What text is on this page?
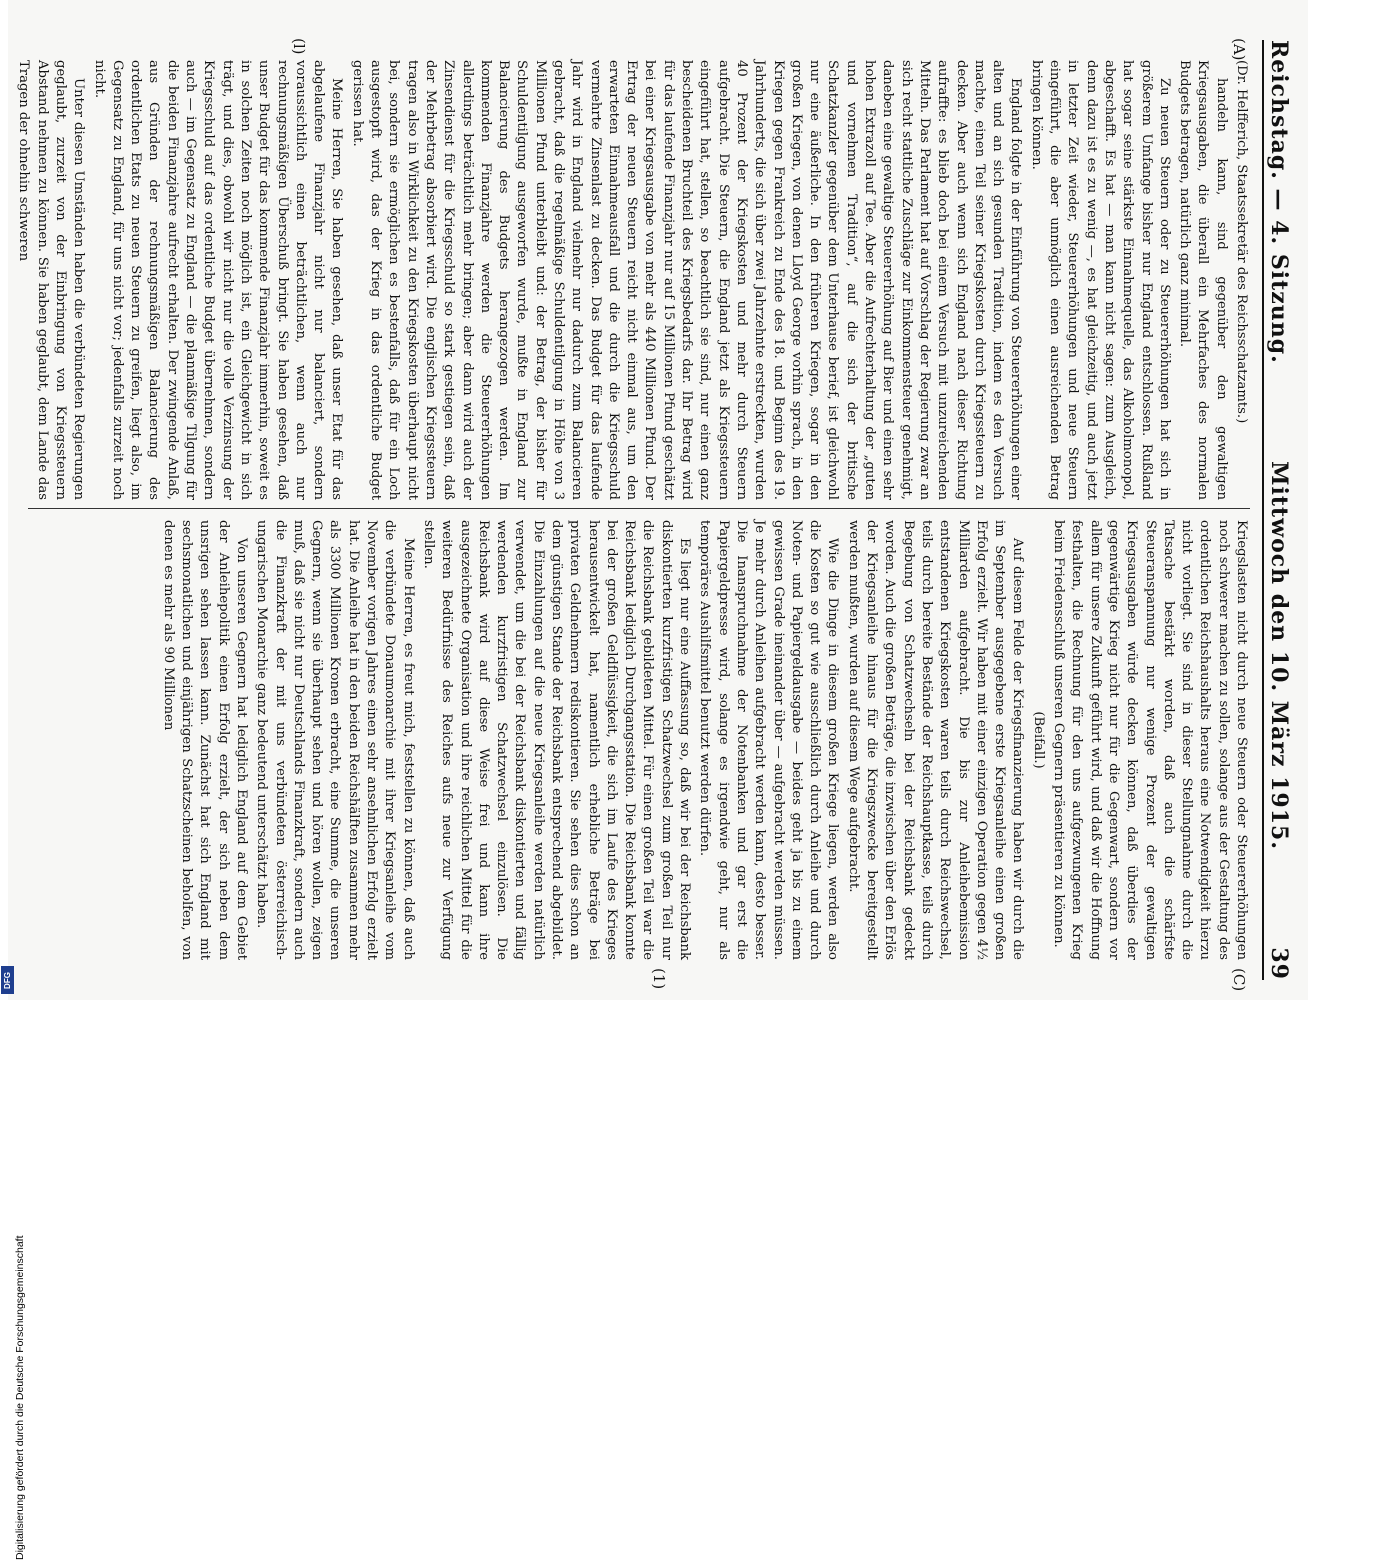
Reichstag. — 4. Sitzung.
Mittwoch den 10. März 1915.
39
(A)
(C)
(l)
(1)

(Dr. Helfferich, Staatssekretär des Reichsschatzamts.)

handeln kann, sind gegenüber den gewaltigen Kriegsausgaben, die überall ein Mehrfaches des normalen Budgets betragen, natürlich ganz minimal.

Zu neuen Steuern oder zu Steuererhöhungen hat sich in größerem Umfange bisher nur England entschlossen. Rußland hat sogar seine stärkste Einnahmequelle, das Alkoholmonopol, abgeschafft. Es hat — man kann nicht sagen: zum Ausgleich, denn dazu ist es zu wenig —, es hat gleichzeitig, und auch jetzt in letzter Zeit wieder, Steuererhöhungen und neue Steuern eingeführt, die aber unmöglich einen ausreichenden Betrag bringen können.

England folgte in der Einführung von Steuererhöhungen einer alten und an sich gesunden Tradition, indem es den Versuch machte, einen Teil seiner Kriegskosten durch Kriegssteuern zu decken. Aber auch wenn sich England nach dieser Richtung aufraffte: es blieb doch bei einem Versuch mit unzureichenden Mitteln. Das Parlament hat auf Vorschlag der Regierung zwar an sich recht stattliche Zuschläge zur Einkommensteuer genehmigt, daneben eine gewaltige Steuererhöhung auf Bier und einen sehr hohen Extrazoll auf Tee. Aber die Aufrechterhaltung der „guten und vornehmen Tradition“, auf die sich der britische Schatzkanzler gegenüber dem Unterhause berief, ist gleichwohl nur eine äußerliche. In den früheren Kriegen, sogar in den großen Kriegen, von denen Lloyd George vorhin sprach, in den Kriegen gegen Frankreich zu Ende des 18. und Beginn des 19. Jahrhunderts, die sich über zwei Jahrzehnte erstreckten, wurden 40 Prozent der Kriegskosten und mehr durch Steuern aufgebracht. Die Steuern, die England jetzt als Kriegssteuern eingeführt hat, stellen, so beachtlich sie sind, nur einen ganz bescheidenen Bruchteil des Kriegsbedarfs dar. Ihr Betrag wird für das laufende Finanzjahr nur auf 15 Millionen Pfund geschätzt bei einer Kriegsausgabe von mehr als 440 Millionen Pfund. Der Ertrag der neuen Steuern reicht nicht einmal aus, um den erwarteten Einnahmeausfall und die durch die Kriegsschuld vermehrte Zinsenlast zu decken. Das Budget für das laufende Jahr wird in England vielmehr nur dadurch zum Balancieren gebracht, daß die regelmäßige Schuldentilgung in Höhe von 3 Millionen Pfund unterbleibt und: der Betrag, der bisher für Schuldentilgung ausgeworfen wurde, mußte in England zur Balancierung des Budgets herangezogen werden. Im kommenden Finanzjahre werden die Steuererhöhungen allerdings beträchtlich mehr bringen; aber dann wird auch der Zinsendienst für die Kriegsschuld so stark gestiegen sein, daß der Mehrbetrag absorbiert wird. Die englischen Kriegssteuern tragen also in Wirklichkeit zu den Kriegskosten überhaupt nicht bei, sondern sie ermöglichen es bestenfalls, daß für ein Loch ausgestopft wird, das der Krieg in das ordentliche Budget gerissen hat.

Meine Herren, Sie haben gesehen, daß unser Etat für das abgelaufene Finanzjahr nicht nur balanciert, sondern voraussichtlich einen beträchtlichen, wenn auch nur rechnungsmäßigen Überschuß bringt. Sie haben gesehen, daß unser Budget für das kommende Finanzjahr immerhin, soweit es in solchen Zeiten noch möglich ist, ein Gleichgewicht in sich trägt, und dies, obwohl wir nicht nur die volle Verzinsung der Kriegsschuld auf das ordentliche Budget übernehmen, sondern auch — im Gegensatz zu England — die planmäßige Tilgung für die beiden Finanzjahre aufrecht erhalten. Der zwingende Anlaß, aus Gründen der rechnungsmäßigen Balancierung des ordentlichen Etats zu neuen Steuern zu greifen, liegt also, im Gegensatz zu England, für uns nicht vor; jedenfalls zurzeit noch nicht.

Unter diesen Umständen haben die verbündeten Regierungen geglaubt, zurzeit von der Einbringung von Kriegssteuern Abstand nehmen zu können. Sie haben geglaubt, dem Lande das Tragen der ohnehin schweren

Kriegslasten nicht durch neue Steuern oder Steuererhöhungen noch schwerer machen zu sollen, solange aus der Gestaltung des ordentlichen Reichshaushalts heraus eine Notwendigkeit hierzu nicht vorliegt. Sie sind in dieser Stellungnahme durch die Tatsache bestärkt worden, daß auch die schärfste Steueranspannung nur wenige Prozent der gewaltigen Kriegsausgaben würde decken können, daß überdies der gegenwärtige Krieg nicht nur für die Gegenwart, sondern vor allem für unsere Zukunft geführt wird, und daß wir die Hoffnung festhalten, die Rechnung für den uns aufgezwungenen Krieg beim Friedensschluß unseren Gegnern präsentieren zu können.

(Beifall.)

Auf diesem Felde der Kriegsfinanzierung haben wir durch die im September ausgegebene erste Kriegsanleihe einen großen Erfolg erzielt. Wir haben mit einer einzigen Operation gegen 4½ Milliarden aufgebracht. Die bis zur Anleihebemission entstandenen Kriegskosten waren teils durch Reichswechsel, teils durch bereite Bestände der Reichshauptkasse, teils durch Begebung von Schatzwechseln bei der Reichsbank gedeckt worden. Auch die großen Beträge, die inzwischen über den Erlös der Kriegsanleihe hinaus für die Kriegszwecke bereitgestellt werden mußten, wurden auf diesem Wege aufgebracht.

Wie die Dinge in diesem großen Kriege liegen, werden also die Kosten so gut wie ausschließlich durch Anleihe und durch Noten- und Papiergeldausgabe — beides geht ja bis zu einem gewissen Grade ineinander über — aufgebracht werden müssen. Je mehr durch Anleihen aufgebracht werden kann, desto besser. Die Inanspruchnahme der Notenbanken und gar erst die Papiergeldpresse wird, solange es irgendwie geht, nur als temporäres Aushilfsmittel benutzt werden dürfen.

Es liegt nur eine Auffassung so, daß wir bei der Reichsbank diskontierten kurzfristigen Schatzwechsel zum großen Teil nur die Reichsbank gebildeten Mittel. Für einen großen Teil war die Reichsbank lediglich Durchgangsstation. Die Reichsbank konnte bei der großen Geldflüssigkeit, die sich im Laufe des Krieges herausentwickelt hat, namentlich erhebliche Beträge bei privaten Geldnehmern rediskontieren. Sie sehen dies schon an dem günstigen Stande der Reichsbank entsprechend abgebildet. Die Einzahlungen auf die neue Kriegsanleihe werden natürlich verwendet, um die bei der Reichsbank diskontierten und fällig werdenden kurzfristigen Schatzwechsel einzulösen. Die Reichsbank wird auf diese Weise frei und kann ihre ausgezeichnete Organisation und ihre reichlichen Mittel für die weiteren Bedürfnisse des Reiches aufs neue zur Verfügung stellen.

Meine Herren, es freut mich, feststellen zu können, daß auch die verbündete Donaumonarchie mit ihrer Kriegsanleihe vom November vorigen Jahres einen sehr ansehnlichen Erfolg erzielt hat. Die Anleihe hat in den beiden Reichshälften zusammen mehr als 3300 Millionen Kronen erbracht, eine Summe, die unseren Gegnern, wenn sie überhaupt sehen und hören wollen, zeigen muß, daß sie nicht nur Deutschlands Finanzkraft, sondern auch die Finanzkraft der mit uns verbündeten österreichisch-ungarischen Monarchie ganz bedeutend unterschätzt haben.

Von unseren Gegnern hat lediglich England auf dem Gebiet der Anleihepolitik einen Erfolg erzielt, der sich neben dem unsrigen sehen lassen kann. Zunächst hat sich England mit sechsmonatlichen und einjährigen Schatzscheinen beholfen, von denen es mehr als 90 Millionen

Digitalisierung gefördert durch die Deutsche Forschungsgemeinschaft
DFG
